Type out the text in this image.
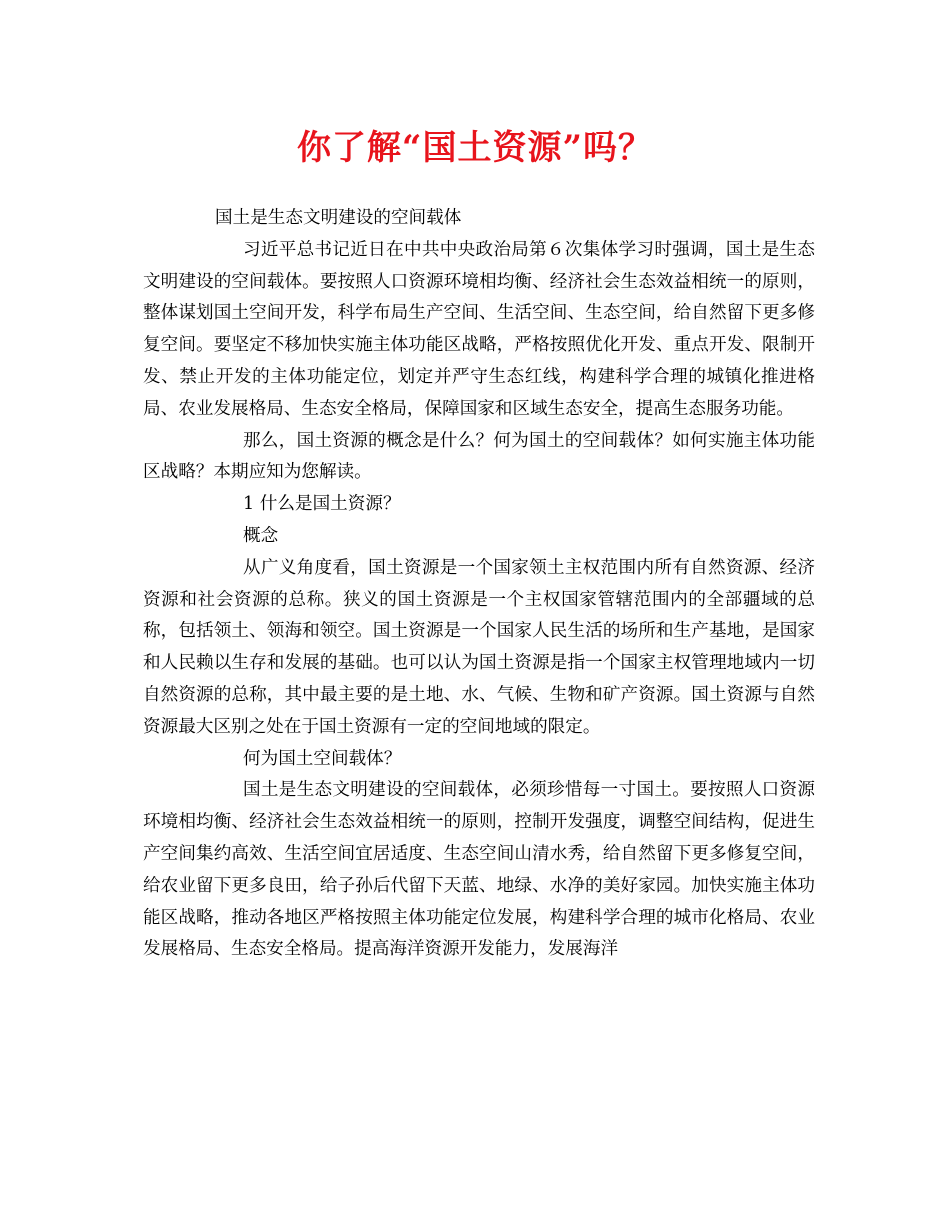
你了解“国土资源”吗？

国土是生态文明建设的空间载体

习近平总书记近日在中共中央政治局第６次集体学习时强调，国土是生态文明建设的空间载体。要按照人口资源环境相均衡、经济社会生态效益相统一的原则，整体谋划国土空间开发，科学布局生产空间、生活空间、生态空间，给自然留下更多修复空间。要坚定不移加快实施主体功能区战略，严格按照优化开发、重点开发、限制开发、禁止开发的主体功能定位，划定并严守生态红线，构建科学合理的城镇化推进格局、农业发展格局、生态安全格局，保障国家和区域生态安全，提高生态服务功能。

那么，国土资源的概念是什么？何为国土的空间载体？如何实施主体功能区战略？本期应知为您解读。

1 什么是国土资源？

概念

从广义角度看，国土资源是一个国家领土主权范围内所有自然资源、经济资源和社会资源的总称。狭义的国土资源是一个主权国家管辖范围内的全部疆域的总称，包括领土、领海和领空。国土资源是一个国家人民生活的场所和生产基地，是国家和人民赖以生存和发展的基础。也可以认为国土资源是指一个国家主权管理地域内一切自然资源的总称，其中最主要的是土地、水、气候、生物和矿产资源。国土资源与自然资源最大区别之处在于国土资源有一定的空间地域的限定。

何为国土空间载体？

国土是生态文明建设的空间载体，必须珍惜每一寸国土。要按照人口资源环境相均衡、经济社会生态效益相统一的原则，控制开发强度，调整空间结构，促进生产空间集约高效、生活空间宜居适度、生态空间山清水秀，给自然留下更多修复空间，给农业留下更多良田，给子孙后代留下天蓝、地绿、水净的美好家园。加快实施主体功能区战略，推动各地区严格按照主体功能定位发展，构建科学合理的城市化格局、农业发展格局、生态安全格局。提高海洋资源开发能力，发展海洋
